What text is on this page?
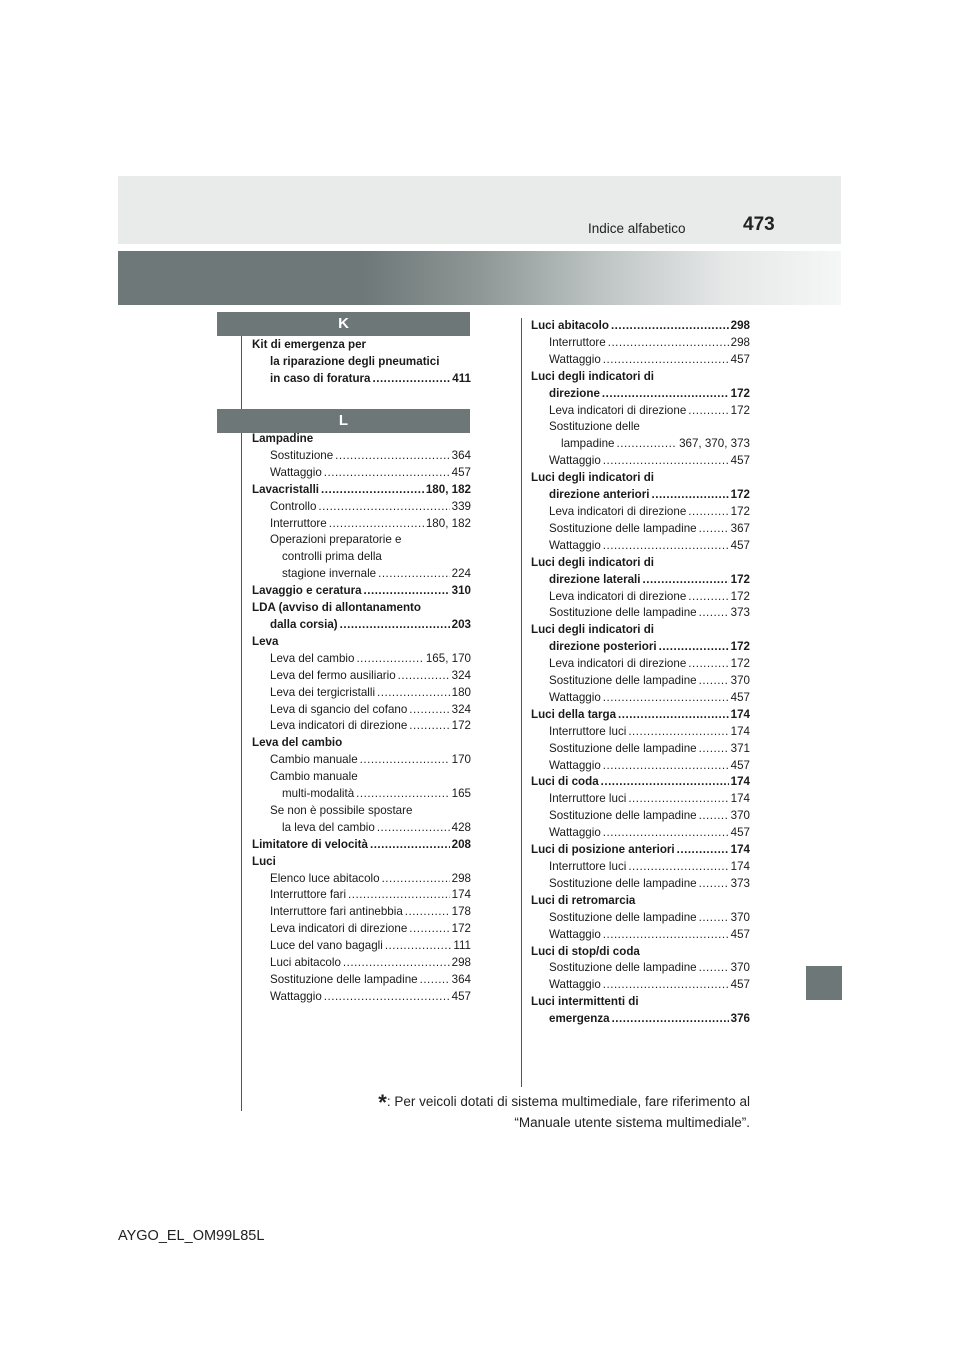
Indice alfabetico	473
K
Kit di emergenza per
la riparazione degli pneumatici
in caso di foratura .....	411
L
Lampadine
Sostituzione .....	364
Wattaggio .....	457
Lavacristalli .....	180, 182
Controllo .....	339
Interruttore .....	180, 182
Operazioni preparatorie e
controlli prima della
stagione invernale .....	224
Lavaggio e ceratura .....	310
LDA (avviso di allontanamento
dalla corsia) .....	203
Leva
Leva del cambio .....	165, 170
Leva del fermo ausiliario .....	324
Leva dei tergicristalli .....	180
Leva di sgancio del cofano .....	324
Leva indicatori di direzione .....	172
Leva del cambio
Cambio manuale .....	170
Cambio manuale
multi-modalità .....	165
Se non è possibile spostare
la leva del cambio .....	428
Limitatore di velocità .....	208
Luci
Elenco luce abitacolo .....	298
Interruttore fari .....	174
Interruttore fari antinebbia .....	178
Leva indicatori di direzione .....	172
Luce del vano bagagli .....	111
Luci abitacolo .....	298
Sostituzione delle lampadine .....	364
Wattaggio .....	457
Luci abitacolo .....	298
Interruttore .....	298
Wattaggio .....	457
Luci degli indicatori di
direzione .....	172
Leva indicatori di direzione .....	172
Sostituzione delle
lampadine .....	367, 370, 373
Wattaggio .....	457
Luci degli indicatori di
direzione anteriori .....	172
Leva indicatori di direzione .....	172
Sostituzione delle lampadine .....	367
Wattaggio .....	457
Luci degli indicatori di
direzione laterali .....	172
Leva indicatori di direzione .....	172
Sostituzione delle lampadine .....	373
Luci degli indicatori di
direzione posteriori .....	172
Leva indicatori di direzione .....	172
Sostituzione delle lampadine .....	370
Wattaggio .....	457
Luci della targa .....	174
Interruttore luci .....	174
Sostituzione delle lampadine .....	371
Wattaggio .....	457
Luci di coda .....	174
Interruttore luci .....	174
Sostituzione delle lampadine .....	370
Wattaggio .....	457
Luci di posizione anteriori .....	174
Interruttore luci .....	174
Sostituzione delle lampadine .....	373
Luci di retromarcia
Sostituzione delle lampadine .....	370
Wattaggio .....	457
Luci di stop/di coda
Sostituzione delle lampadine .....	370
Wattaggio .....	457
Luci intermittenti di
emergenza .....	376
*: Per veicoli dotati di sistema multimediale, fare riferimento al
“Manuale utente sistema multimediale”.
AYGO_EL_OM99L85L
